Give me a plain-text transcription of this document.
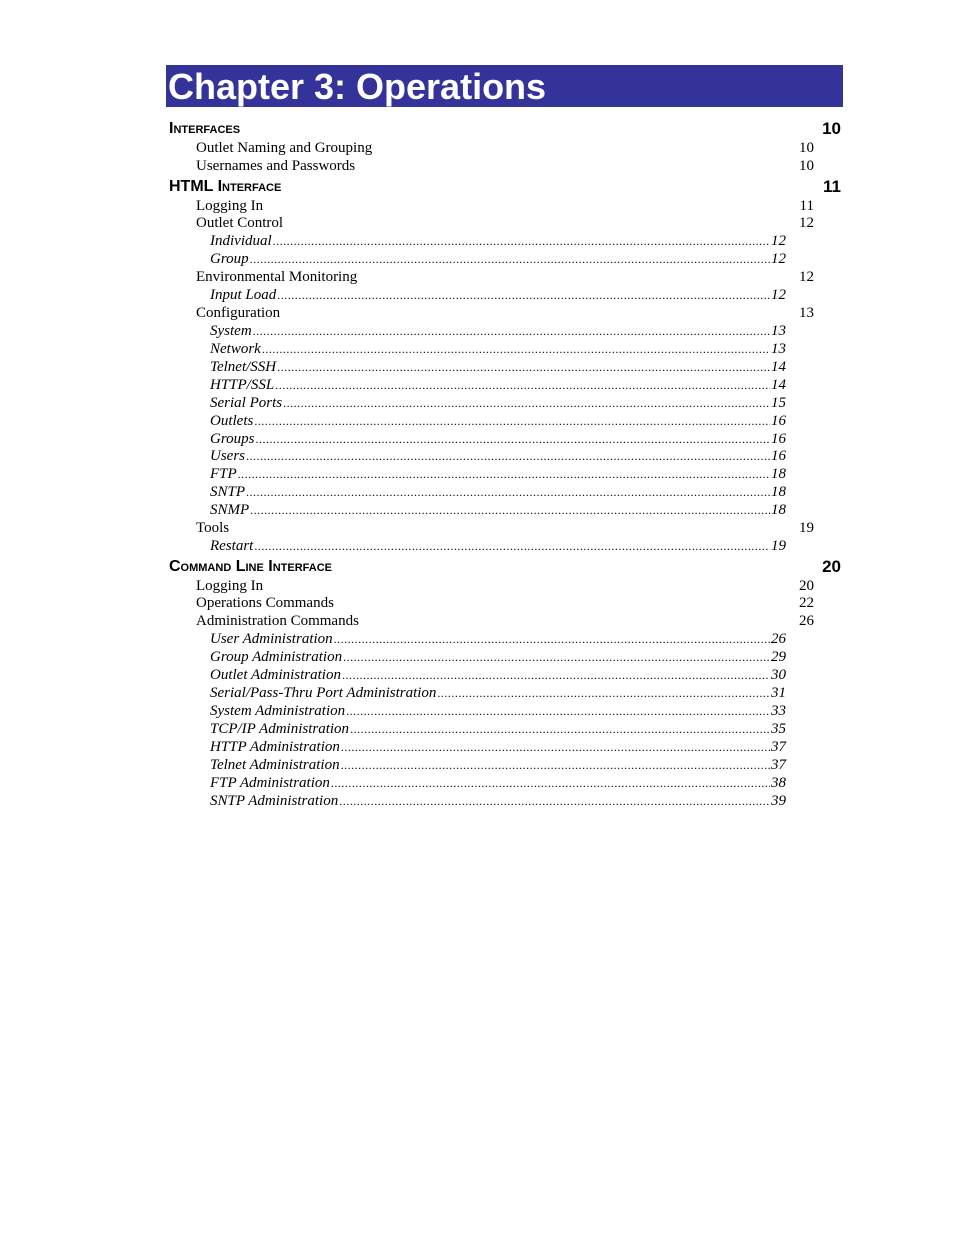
Chapter 3: Operations
Interfaces	10
Outlet Naming and Grouping	10
Usernames and Passwords	10
HTML Interface	11
Logging In	11
Outlet Control	12
Individual .....	12
Group .....	12
Environmental Monitoring	12
Input Load .....	12
Configuration	13
System .....	13
Network .....	13
Telnet/SSH .....	14
HTTP/SSL .....	14
Serial Ports .....	15
Outlets .....	16
Groups .....	16
Users .....	16
FTP .....	18
SNTP .....	18
SNMP .....	18
Tools	19
Restart .....	19
Command Line Interface	20
Logging In	20
Operations Commands	22
Administration Commands	26
User Administration .....	26
Group Administration .....	29
Outlet Administration .....	30
Serial/Pass-Thru Port Administration .....	31
System Administration .....	33
TCP/IP Administration .....	35
HTTP Administration .....	37
Telnet Administration .....	37
FTP Administration .....	38
SNTP Administration .....	39
